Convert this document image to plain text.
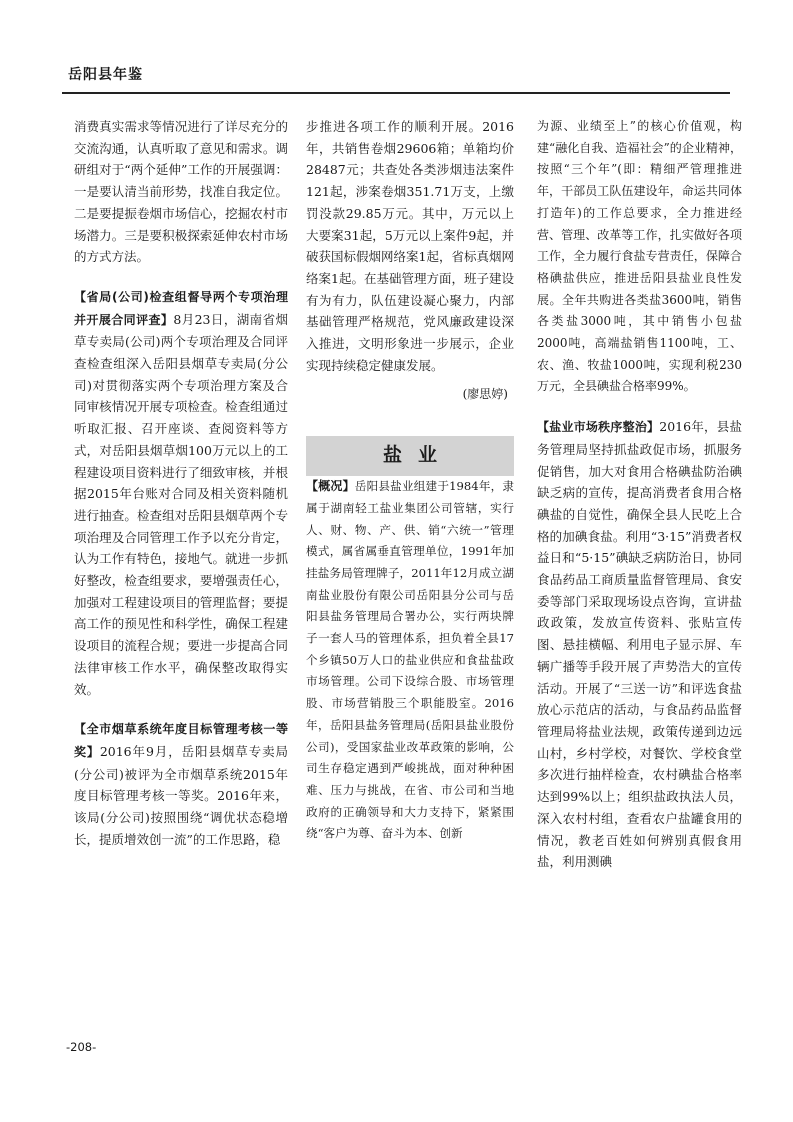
岳阳县年鉴

消费真实需求等情况进行了详尽充分的交流沟通，认真听取了意见和需求。调研组对于“两个延伸”工作的开展强调：一是要认清当前形势，找准自我定位。二是要提振卷烟市场信心，挖掘农村市场潜力。三是要积极探索延伸农村市场的方式方法。

【省局(公司)检查组督导两个专项治理并开展合同评查】8月23日，湖南省烟草专卖局(公司)两个专项治理及合同评查检查组深入岳阳县烟草专卖局(分公司)对贯彻落实两个专项治理方案及合同审核情况开展专项检查。检查组通过听取汇报、召开座谈、查阅资料等方式，对岳阳县烟草烟100万元以上的工程建设项目资料进行了细致审核，并根据2015年台账对合同及相关资料随机进行抽查。检查组对岳阳县烟草两个专项治理及合同管理工作予以充分肯定，认为工作有特色，接地气。就进一步抓好整改，检查组要求，要增强责任心，加强对工程建设项目的管理监督；要提高工作的预见性和科学性，确保工程建设项目的流程合规；要进一步提高合同法律审核工作水平，确保整改取得实效。

【全市烟草系统年度目标管理考核一等奖】2016年9月，岳阳县烟草专卖局(分公司)被评为全市烟草系统2015年度目标管理考核一等奖。2016年来，该局(分公司)按照围绕“调优状态稳增长，提质增效创一流”的工作思路，稳

步推进各项工作的顺利开展。2016年，共销售卷烟29606箱；单箱均价28487元；共查处各类涉烟违法案件121起，涉案卷烟351.71万支，上缴罚没款29.85万元。其中，万元以上大要案31起，5万元以上案件9起，并破获国标假烟网络案1起，省标真烟网络案1起。在基础管理方面，班子建设有为有力，队伍建设凝心聚力，内部基础管理严格规范，党风廉政建设深入推进，文明形象进一步展示，企业实现持续稳定健康发展。

(廖思婷)
盐业

【概况】岳阳县盐业组建于1984年，隶属于湖南轻工盐业集团公司管辖，实行人、财、物、产、供、销“六统一”管理模式，属省属垂直管理单位，1991年加挂盐务局管理牌子，2011年12月成立湖南盐业股份有限公司岳阳县分公司与岳阳县盐务管理局合署办公，实行两块牌子一套人马的管理体系，担负着全县17个乡镇50万人口的盐业供应和食盐盐政市场管理。公司下设综合股、市场管理股、市场营销股三个职能股室。2016年，岳阳县盐务管理局(岳阳县盐业股份公司)，受国家盐业改革政策的影响，公司生存稳定遇到严峻挑战，面对种种困难、压力与挑战，在省、市公司和当地政府的正确领导和大力支持下，紧紧围绕“客户为尊、奋斗为本、创新

为源、业绩至上”的核心价值观，构建“融化自我、造福社会”的企业精神，按照“三个年”(即：精细严管理推进年，干部员工队伍建设年，命运共同体打造年)的工作总要求，全力推进经营、管理、改革等工作，扎实做好各项工作，全力履行食盐专营责任，保障合格碘盐供应，推进岳阳县盐业良性发展。全年共购进各类盐3600吨，销售各类盐3000吨，其中销售小包盐2000吨，高端盐销售1100吨，工、农、渔、牧盐1000吨，实现利税230万元，全县碘盐合格率99%。

【盐业市场秩序整治】2016年，县盐务管理局坚持抓盐政促市场，抓服务促销售，加大对食用合格碘盐防治碘缺乏病的宣传，提高消费者食用合格碘盐的自觉性，确保全县人民吃上合格的加碘食盐。利用“3·15”消费者权益日和“5·15”碘缺乏病防治日，协同食品药品工商质量监督管理局、食安委等部门采取现场设点咨询，宣讲盐政政策，发放宣传资料、张贴宣传图、悬挂横幅、利用电子显示屏、车辆广播等手段开展了声势浩大的宣传活动。开展了“三送一访”和评选食盐放心示范店的活动，与食品药品监督管理局将盐业法规，政策传递到边远山村，乡村学校，对餐饮、学校食堂多次进行抽样检查，农村碘盐合格率达到99%以上；组织盐政执法人员，深入农村村组，查看农户盐罐食用的情况，教老百姓如何辨别真假食用盐，利用测碘

-208-
